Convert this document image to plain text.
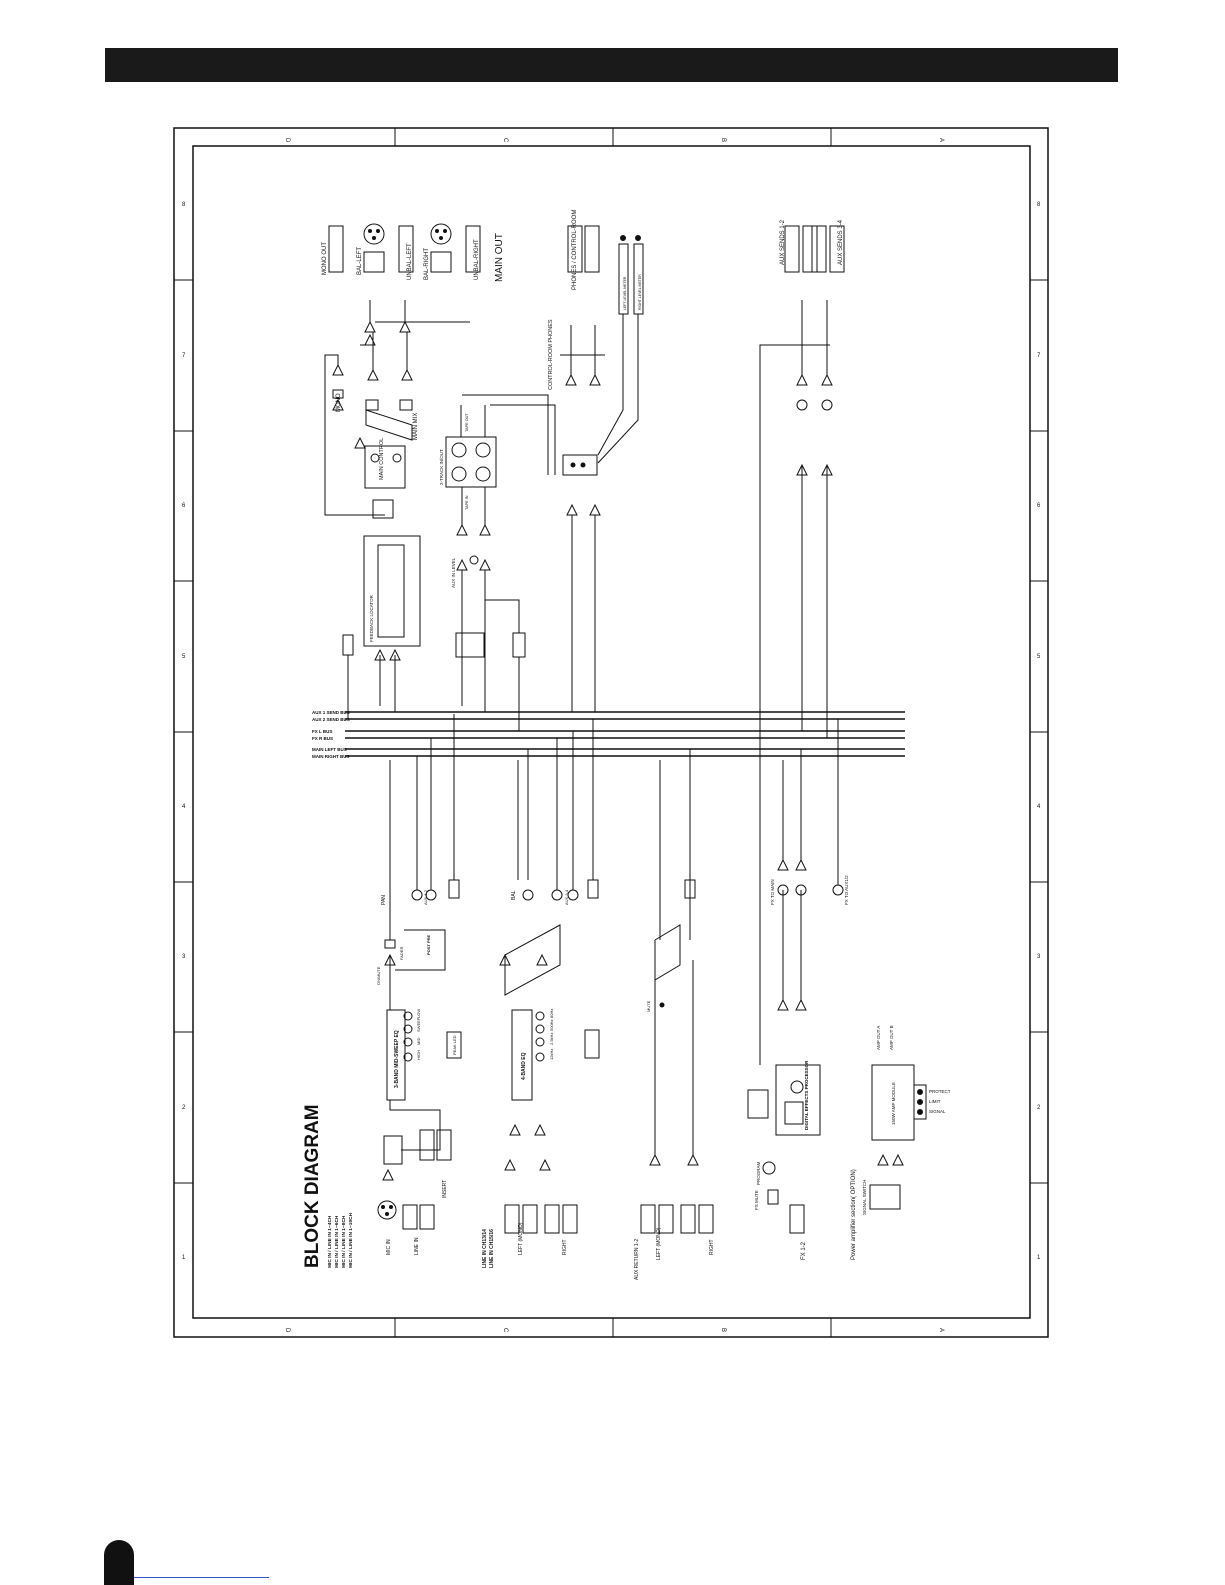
D	C	B	A
D	C	B	A
8
7
6
5
4
3
2
1
8
7
6
5
4
3
2
1
AUX 1 SEND BUS
AUX 2 SEND BUS
FX L BUS
FX R BUS
MAIN LEFT BUS
MAIN RIGHT BUS
BLOCK DIAGRAM MIC IN / LINE IN 1~4CH MIC IN / LINE IN 1~6CH MIC IN / LINE IN 1~8CH MIC IN / LINE IN 1~10CH	MIC IN	LINE IN
INSERT
3-BAND MID-SWEEP EQ	HIGH
MID
SWEEP
LOW
PEAK LED
FADER
ON/MUTE
POST PRE
PAN	AUX 1-2
LINE IN CH13/14 LINE IN CH15/16	LEFT (MONO)	RIGHT
4-BAND EQ	12kHz
2.5kHz
500Hz
80Hz
BAL	AUX 3-4
AUX RETURN 1-2	LEFT (MONO)	RIGHT
MUTE
FX 1-2
DIGITAL EFFECTS PROCESSOR
PROGRAM
FS MUTE
FX TO MAIN	FX TO AUX1/2
Power amplifier section( OPTION)
150W AMP MODULE	PROTECT
LIMIT
SIGNAL
AMP OUT A AMP OUT B
SIGNAL SWITCH
FEEDBACK LOCATOR
MAIN CONTROL
MONO
MAIN MIX
2-TRACK IN/OUT
TAPE OUT
TAPE IN
AUX IN LEVEL
CONTROL-ROOM PHONES
LEFT LEVEL METER	RIGHT LEVEL METER
MONO OUT	BAL-LEFT	UNBAL-LEFT BAL-RIGHT	UNBAL-RIGHT MAIN OUT	PHONES / CONTROL-ROOM	AUX SENDS 1-2	AUX SENDS 3-4
